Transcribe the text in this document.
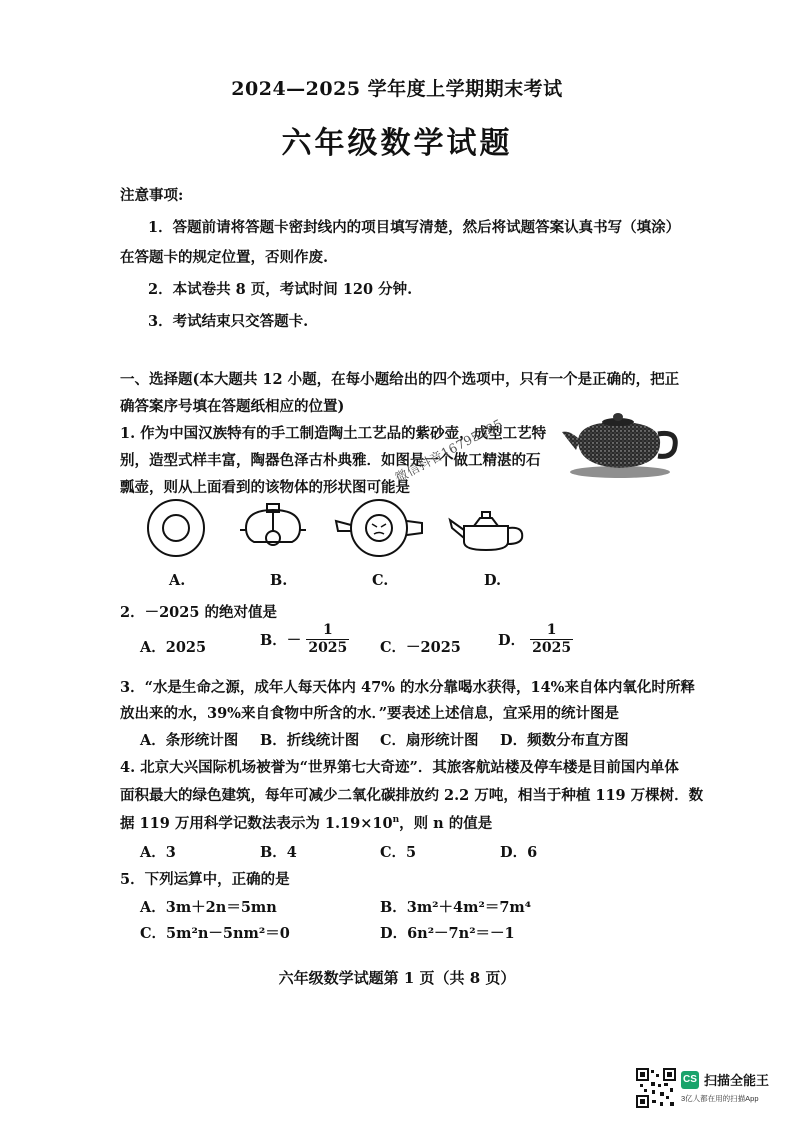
2024—2025 学年度上学期期末考试
六年级数学试题
注意事项:
1．答题前请将答题卡密封线内的项目填写清楚，然后将试题答案认真书写（填涂）
在答题卡的规定位置，否则作废.
2．本试卷共 8 页，考试时间 120 分钟.
3．考试结束只交答题卡.
一、选择题(本大题共 12 小题，在每小题给出的四个选项中，只有一个是正确的，把正
确答案序号填在答题纸相应的位置)
1. 作为中国汉族特有的手工制造陶土工艺品的紫砂壶，成型工艺特
别，造型式样丰富，陶器色泽古朴典雅．如图是一个做工精湛的石
瓢壶，则从上面看到的该物体的形状图可能是
微信抖音16795385
A.	B.	C.	D.
2．－2025 的绝对值是
A．2025	B．－ $\frac{1}{2025}$ C．－2025	D． $\frac{1}{2025}$
3．“水是生命之源，成年人每天体内 47% 的水分靠喝水获得，14%来自体内氧化时所释
放出来的水，39%来自食物中所含的水．”要表述上述信息，宜采用的统计图是
A．条形统计图 B．折线统计图 C．扇形统计图 D．频数分布直方图
4. 北京大兴国际机场被誉为“世界第七大奇迹”．其旅客航站楼及停车楼是目前国内单体
面积最大的绿色建筑，每年可减少二氧化碳排放约 2.2 万吨，相当于种植 119 万棵树．数
据 119 万用科学记数法表示为 $1.19\times 10^n$，则 n 的值是
A．3	B．4	C．5	D．6
5．下列运算中，正确的是
A．3m＋2n＝5mn	B．3m²＋4m²＝7m⁴
C．5m²n－5nm²＝0	D．6n²－7n²＝－1
六年级数学试题第 1 页（共 8 页）
CS 扫描全能王
3亿人都在用的扫描App
